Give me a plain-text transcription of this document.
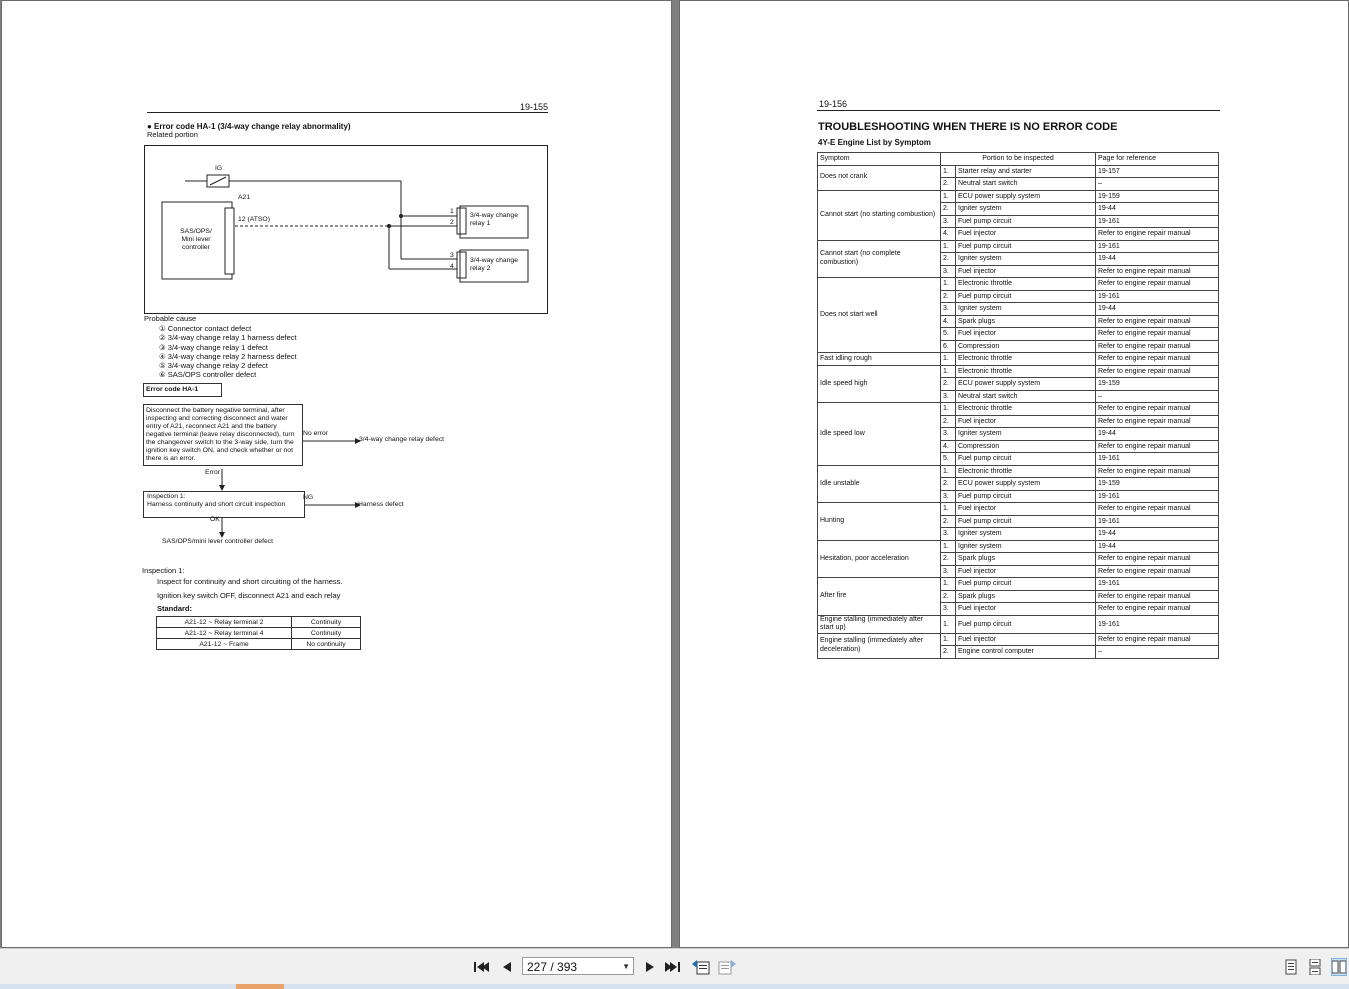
19-155
● Error code HA-1 (3/4-way change relay abnormality)
Related portion
IG
A21
SAS/OPS/
Mini lever
controller
12 (ATSO)
3/4-way change
relay 1
3/4-way change
relay 2
1
2
3
4
Probable cause
① Connector contact defect
② 3/4-way change relay 1 harness defect
③ 3/4-way change relay 1 defect
④ 3/4-way change relay 2 harness defect
⑤ 3/4-way change relay 2 defect
⑥ SAS/OPS controller defect
Error code HA-1
Disconnect the battery negative terminal, after inspecting and correcting disconnect and water entry of A21, reconnect A21 and the battery negative terminal (leave relay disconnected), turn the changeover switch to the 3-way side, turn the ignition key switch ON, and check whether or not there is an error.
No error
3/4-way change relay defect
Error
Inspection 1:
Harness continuity and short circuit inspection
NG
Harness defect
OK
SAS/OPS/mini lever controller defect
Inspection 1:
Inspect for continuity and short circuiting of the harness.
Ignition key switch OFF, disconnect A21 and each relay
Standard:
A21-12 ~ Relay terminal 2	Continuity
A21-12 ~ Relay terminal 4	Continuity
A21-12 ~ Frame	No continuity
19-156
TROUBLESHOOTING WHEN THERE IS NO ERROR CODE
4Y-E Engine List by Symptom
Symptom	Portion to be inspected		Page for reference
Does not crank	1.	Starter relay and starter	19-157
	2.	Neutral start switch	–
Cannot start (no starting combustion)	1.	ECU power supply system	19-159
	2.	Igniter system	19-44
	3.	Fuel pump circuit	19-161
	4.	Fuel injector	Refer to engine repair manual
Cannot start (no complete combustion)	1.	Fuel pump circuit	19-161
	2.	Igniter system	19-44
	3.	Fuel injector	Refer to engine repair manual
Does not start well	1.	Electronic throttle	Refer to engine repair manual
	2.	Fuel pump circuit	19-161
	3.	Igniter system	19-44
	4.	Spark plugs	Refer to engine repair manual
	5.	Fuel injector	Refer to engine repair manual
	6.	Compression	Refer to engine repair manual
Fast idling rough	1.	Electronic throttle	Refer to engine repair manual
Idle speed high	1.	Electronic throttle	Refer to engine repair manual
	2.	ECU power supply system	19-159
	3.	Neutral start switch	–
Idle speed low	1.	Electronic throttle	Refer to engine repair manual
	2.	Fuel injector	Refer to engine repair manual
	3.	Igniter system	19-44
	4.	Compression	Refer to engine repair manual
	5.	Fuel pump circuit	19-161
Idle unstable	1.	Electronic throttle	Refer to engine repair manual
	2.	ECU power supply system	19-159
	3.	Fuel pump circuit	19-161
Hunting	1.	Fuel injector	Refer to engine repair manual
	2.	Fuel pump circuit	19-161
	3.	Igniter system	19-44
Hesitation, poor acceleration	1.	Igniter system	19-44
	2.	Spark plugs	Refer to engine repair manual
	3.	Fuel injector	Refer to engine repair manual
After fire	1.	Fuel pump circuit	19-161
	2.	Spark plugs	Refer to engine repair manual
	3.	Fuel injector	Refer to engine repair manual
Engine stalling (immediately after start up)	1.	Fuel pump circuit	19-161
Engine stalling (immediately after deceleration)	1.	Fuel injector	Refer to engine repair manual
	2.	Engine control computer	–
227 / 393	▼
